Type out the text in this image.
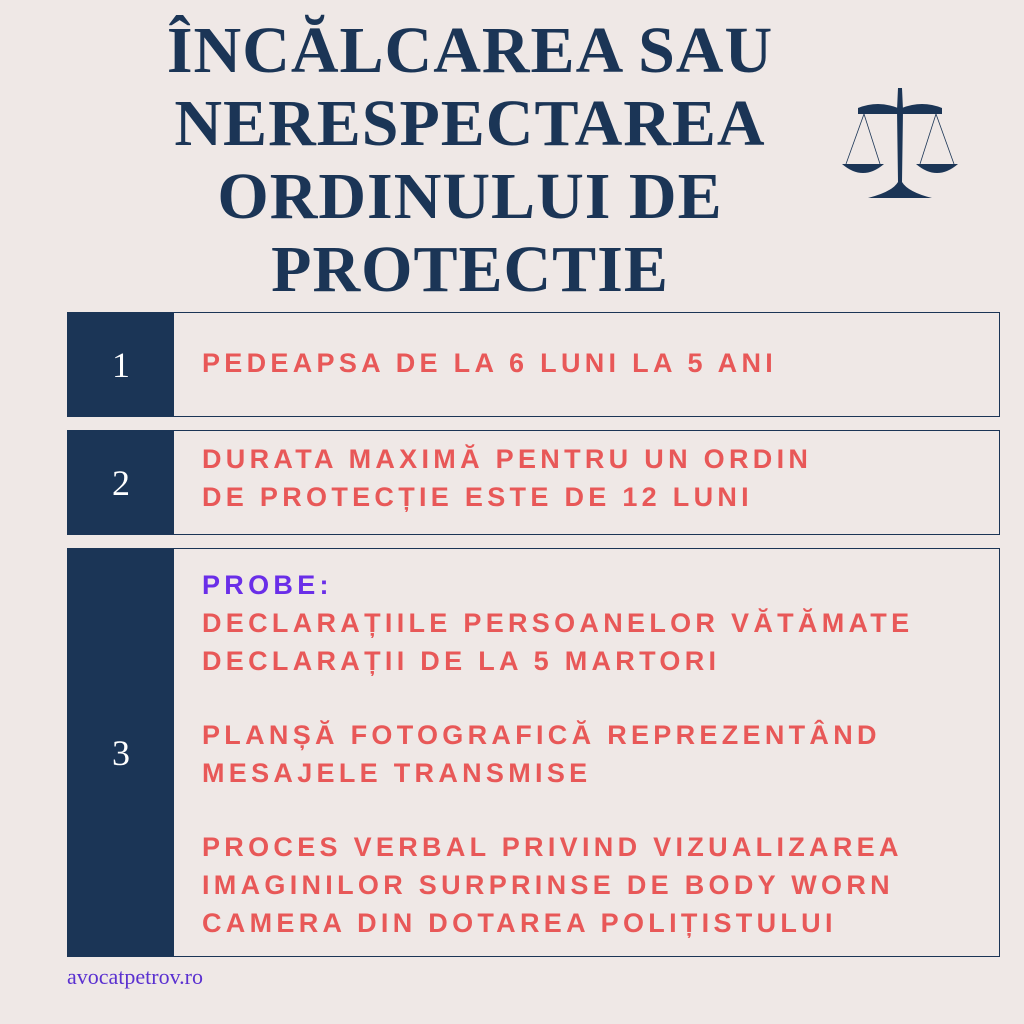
ÎNCĂLCAREA SAU
NERESPECTAREA
ORDINULUI DE
PROTECTIE
1	PEDEAPSA DE LA 6 LUNI LA 5 ANI
2
DURATA MAXIMĂ PENTRU UN ORDIN
DE PROTECȚIE ESTE DE 12 LUNI
3
PROBE:
DECLARAȚIILE PERSOANELOR VĂTĂMATE
DECLARAȚII DE LA 5 MARTORI
PLANȘĂ FOTOGRAFICĂ REPREZENTÂND
MESAJELE TRANSMISE
PROCES VERBAL PRIVIND VIZUALIZAREA
IMAGINILOR SURPRINSE DE BODY WORN
CAMERA DIN DOTAREA POLIȚISTULUI
avocatpetrov.ro
